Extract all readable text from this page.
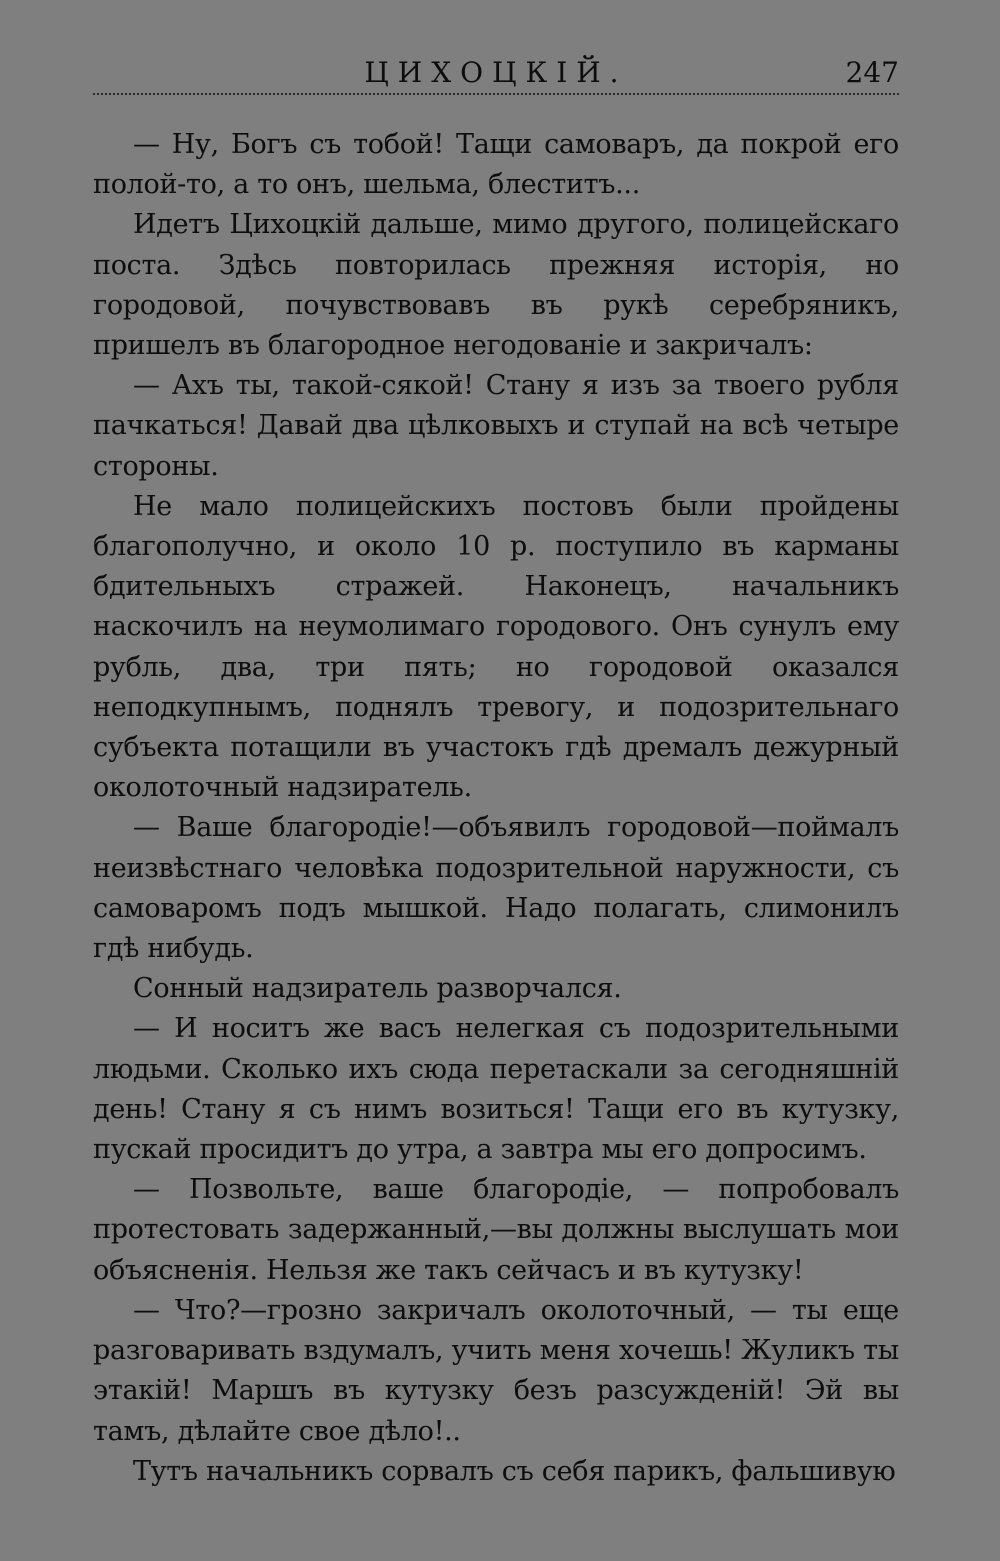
ЦИХОЦКІЙ.	247

— Ну, Богъ съ тобой! Тащи самоваръ, да покрой его полой-то, а то онъ, шельма, блеститъ...

Идетъ Цихоцкій дальше, мимо другого, полицейскаго поста. Здѣсь повторилась прежняя исторія, но городовой, почувствовавъ въ рукѣ серебряникъ, пришелъ въ благородное негодованіе и закричалъ:

— Ахъ ты, такой-сякой! Стану я изъ за твоего рубля пачкаться! Давай два цѣлковыхъ и ступай на всѣ четыре стороны.

Не мало полицейскихъ постовъ были пройдены благополучно, и около 10 р. поступило въ карманы бдительныхъ стражей. Наконецъ, начальникъ наскочилъ на неумолимаго городового. Онъ сунулъ ему рубль, два, три пять; но городовой оказался неподкупнымъ, поднялъ тревогу, и подозрительнаго субъекта потащили въ участокъ гдѣ дремалъ дежурный околоточный надзиратель.

— Ваше благородіе!—объявилъ городовой—поймалъ неизвѣстнаго человѣка подозрительной наружности, съ самоваромъ подъ мышкой. Надо полагать, слимонилъ гдѣ нибудь.

Сонный надзиратель разворчался.

— И носитъ же васъ нелегкая съ подозрительными людьми. Сколько ихъ сюда перетаскали за сегодняшній день! Стану я съ нимъ возиться! Тащи его въ кутузку, пускай просидитъ до утра, а завтра мы его допросимъ.

— Позвольте, ваше благородіе, — попробовалъ протестовать задержанный,—вы должны выслушать мои объясненія. Нельзя же такъ сейчасъ и въ кутузку!

— Что?—грозно закричалъ околоточный, — ты еще разговаривать вздумалъ, учить меня хочешь! Жуликъ ты этакій! Маршъ въ кутузку безъ разсужденій! Эй вы тамъ, дѣлайте свое дѣло!..

Тутъ начальникъ сорвалъ съ себя парикъ, фальшивую
